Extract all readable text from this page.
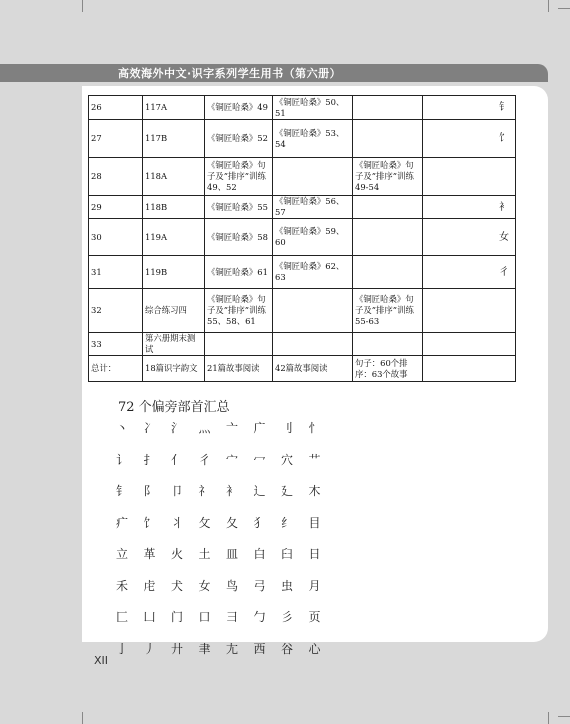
高效海外中文·识字系列学生用书（第六册）
26	117A	《铜匠哈桑》49	《铜匠哈桑》50、51		钅
27	117B	《铜匠哈桑》52	《铜匠哈桑》53、54		饣
28	118A	《铜匠哈桑》句子及”排序”训练49、52		《铜匠哈桑》句子及”排序”训练49-54	
29	118B	《铜匠哈桑》55	《铜匠哈桑》56、57		衤
30	119A	《铜匠哈桑》58	《铜匠哈桑》59、60		女
31	119B	《铜匠哈桑》61	《铜匠哈桑》62、63		彳
32	综合练习四	《铜匠哈桑》句子及”排序”训练55、58、61		《铜匠哈桑》句子及”排序”训练55-63	
33	第六册期末测试				
总计：	18篇识字韵文	21篇故事阅读	42篇故事阅读	句子：60个排序：63个故事	
72 个偏旁部首汇总
丶	冫	氵	灬	亠	广	刂	忄
讠	扌	亻	彳	宀	冖	穴	艹
钅	阝	卩	礻	衤	辶	廴	木
疒	饣	丬	攵	夂	犭	纟	目
立	革	火	土	皿	白	臼	日
禾	虍	犬	女	鸟	弓	虫	月
匚	凵	门	口	彐	勹	彡	页
亅	丿	廾	聿	尢	西	谷	心
XII
